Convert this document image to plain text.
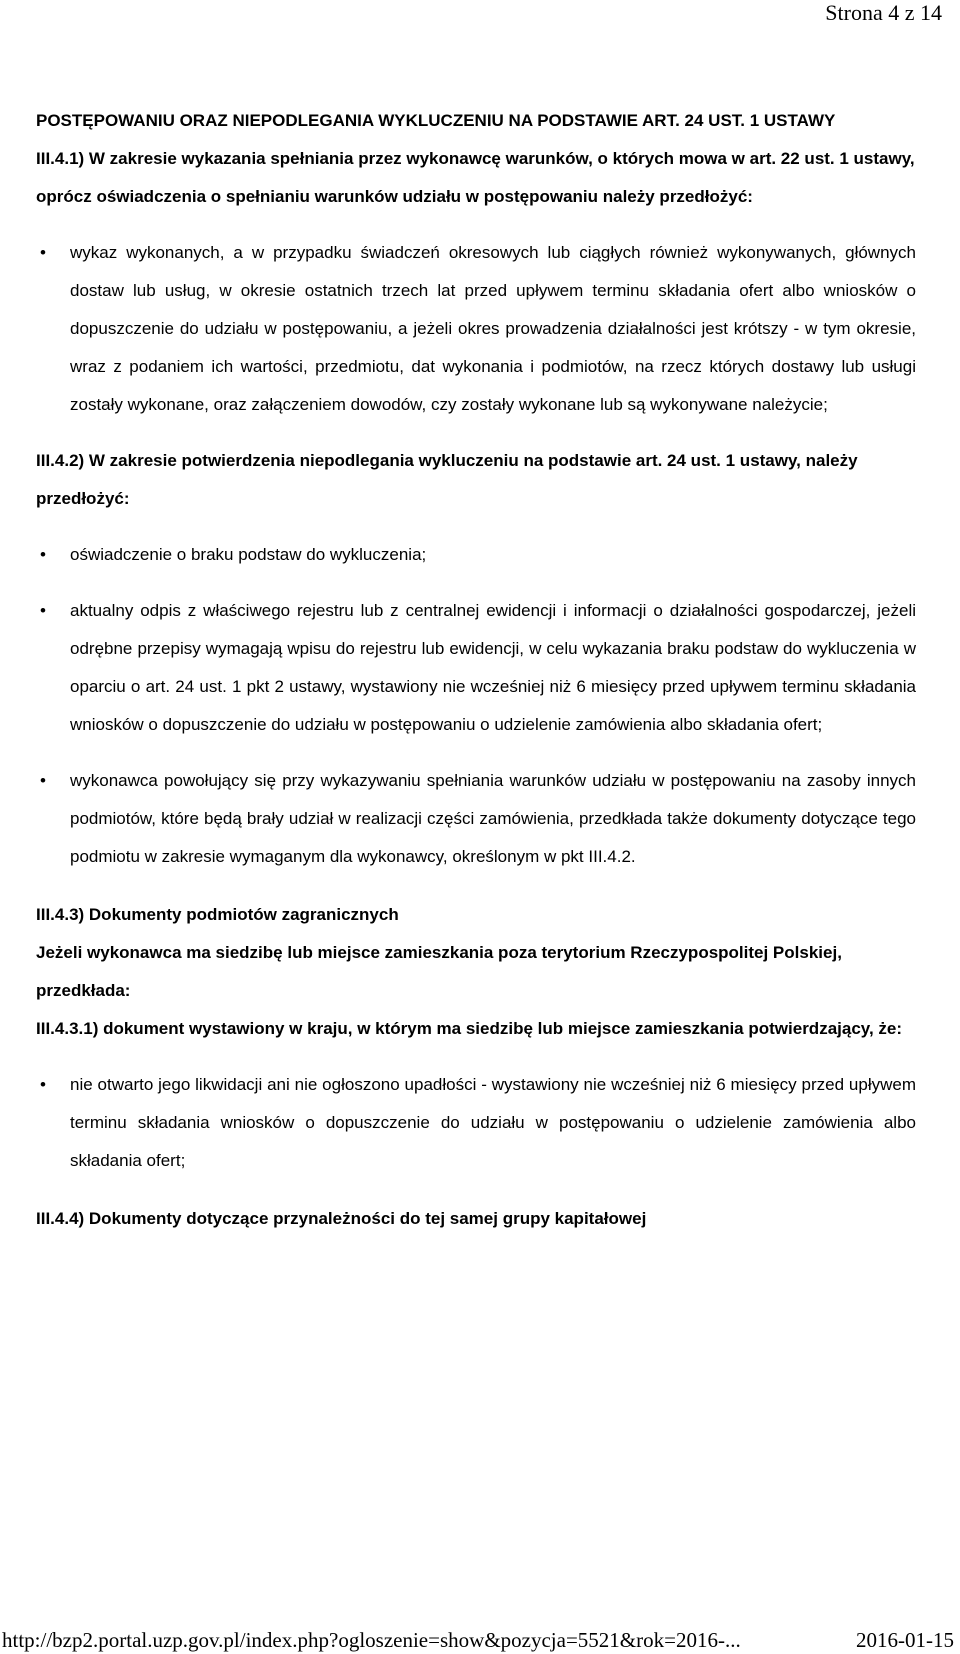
Strona 4 z 14

POSTĘPOWANIU ORAZ NIEPODLEGANIA WYKLUCZENIU NA PODSTAWIE ART. 24 UST. 1 USTAWY

III.4.1) W zakresie wykazania spełniania przez wykonawcę warunków, o których mowa w art. 22 ust. 1 ustawy, oprócz oświadczenia o spełnianiu warunków udziału w postępowaniu należy przedłożyć:

• wykaz wykonanych, a w przypadku świadczeń okresowych lub ciągłych również wykonywanych, głównych dostaw lub usług, w okresie ostatnich trzech lat przed upływem terminu składania ofert albo wniosków o dopuszczenie do udziału w postępowaniu, a jeżeli okres prowadzenia działalności jest krótszy - w tym okresie, wraz z podaniem ich wartości, przedmiotu, dat wykonania i podmiotów, na rzecz których dostawy lub usługi zostały wykonane, oraz załączeniem dowodów, czy zostały wykonane lub są wykonywane należycie;

III.4.2) W zakresie potwierdzenia niepodlegania wykluczeniu na podstawie art. 24 ust. 1 ustawy, należy przedłożyć:

• oświadczenie o braku podstaw do wykluczenia;
• aktualny odpis z właściwego rejestru lub z centralnej ewidencji i informacji o działalności gospodarczej, jeżeli odrębne przepisy wymagają wpisu do rejestru lub ewidencji, w celu wykazania braku podstaw do wykluczenia w oparciu o art. 24 ust. 1 pkt 2 ustawy, wystawiony nie wcześniej niż 6 miesięcy przed upływem terminu składania wniosków o dopuszczenie do udziału w postępowaniu o udzielenie zamówienia albo składania ofert;
• wykonawca powołujący się przy wykazywaniu spełniania warunków udziału w postępowaniu na zasoby innych podmiotów, które będą brały udział w realizacji części zamówienia, przedkłada także dokumenty dotyczące tego podmiotu w zakresie wymaganym dla wykonawcy, określonym w pkt III.4.2.

III.4.3) Dokumenty podmiotów zagranicznych

Jeżeli wykonawca ma siedzibę lub miejsce zamieszkania poza terytorium Rzeczypospolitej Polskiej, przedkłada:

III.4.3.1) dokument wystawiony w kraju, w którym ma siedzibę lub miejsce zamieszkania potwierdzający, że:

• nie otwarto jego likwidacji ani nie ogłoszono upadłości - wystawiony nie wcześniej niż 6 miesięcy przed upływem terminu składania wniosków o dopuszczenie do udziału w postępowaniu o udzielenie zamówienia albo składania ofert;

III.4.4) Dokumenty dotyczące przynależności do tej samej grupy kapitałowej

http://bzp2.portal.uzp.gov.pl/index.php?ogloszenie=show&pozycja=5521&rok=2016-...	2016-01-15
